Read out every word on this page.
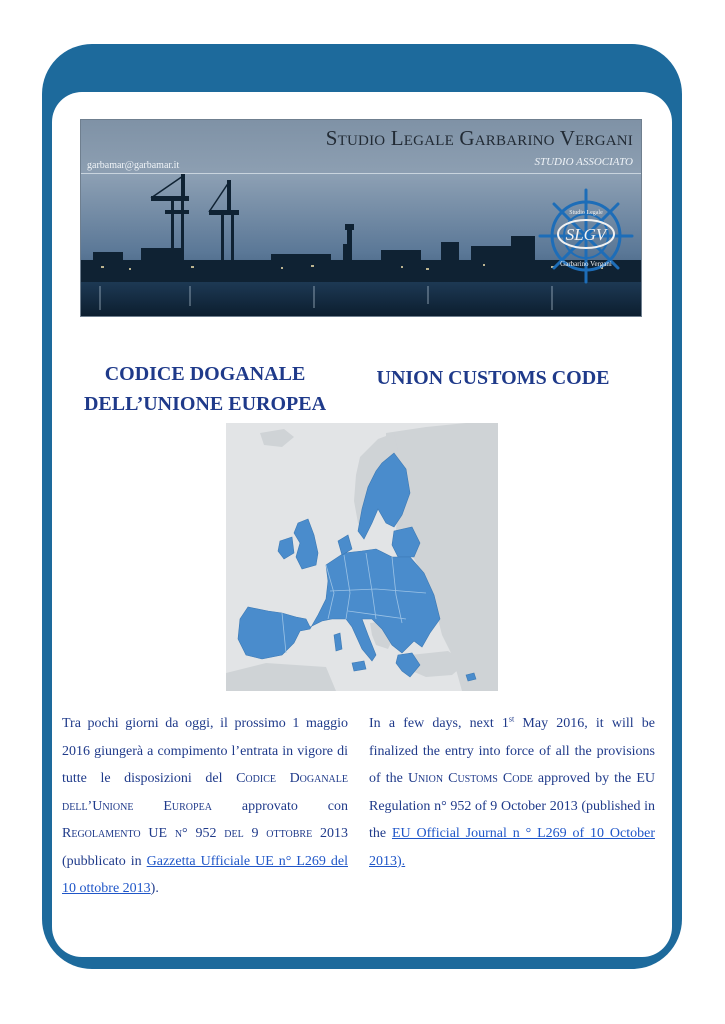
Studio Legale Garbarino Vergani
STUDIO ASSOCIATO
garbamar@garbamar.it
SLGV
Studio Legale
Garbarino Vergani
CODICE DOGANALE
DELL’UNIONE EUROPEA
UNION CUSTOMS CODE
Tra pochi giorni da oggi, il prossimo 1 maggio 2016 giungerà a compimento l’entrata in vigore di tutte le disposizioni del Codice Doganale dell’Unione Europea approvato con Regolamento UE n° 952 del 9 ottobre 2013 (pubblicato in Gazzetta Ufficiale UE n° L269 del 10 ottobre 2013).
In a few days, next 1st May 2016, it will be finalized the entry into force of all the provisions of the Union Customs Code approved by the EU Regulation n° 952 of 9 October 2013 (published in the EU Official Journal n ° L269 of 10 October 2013).
